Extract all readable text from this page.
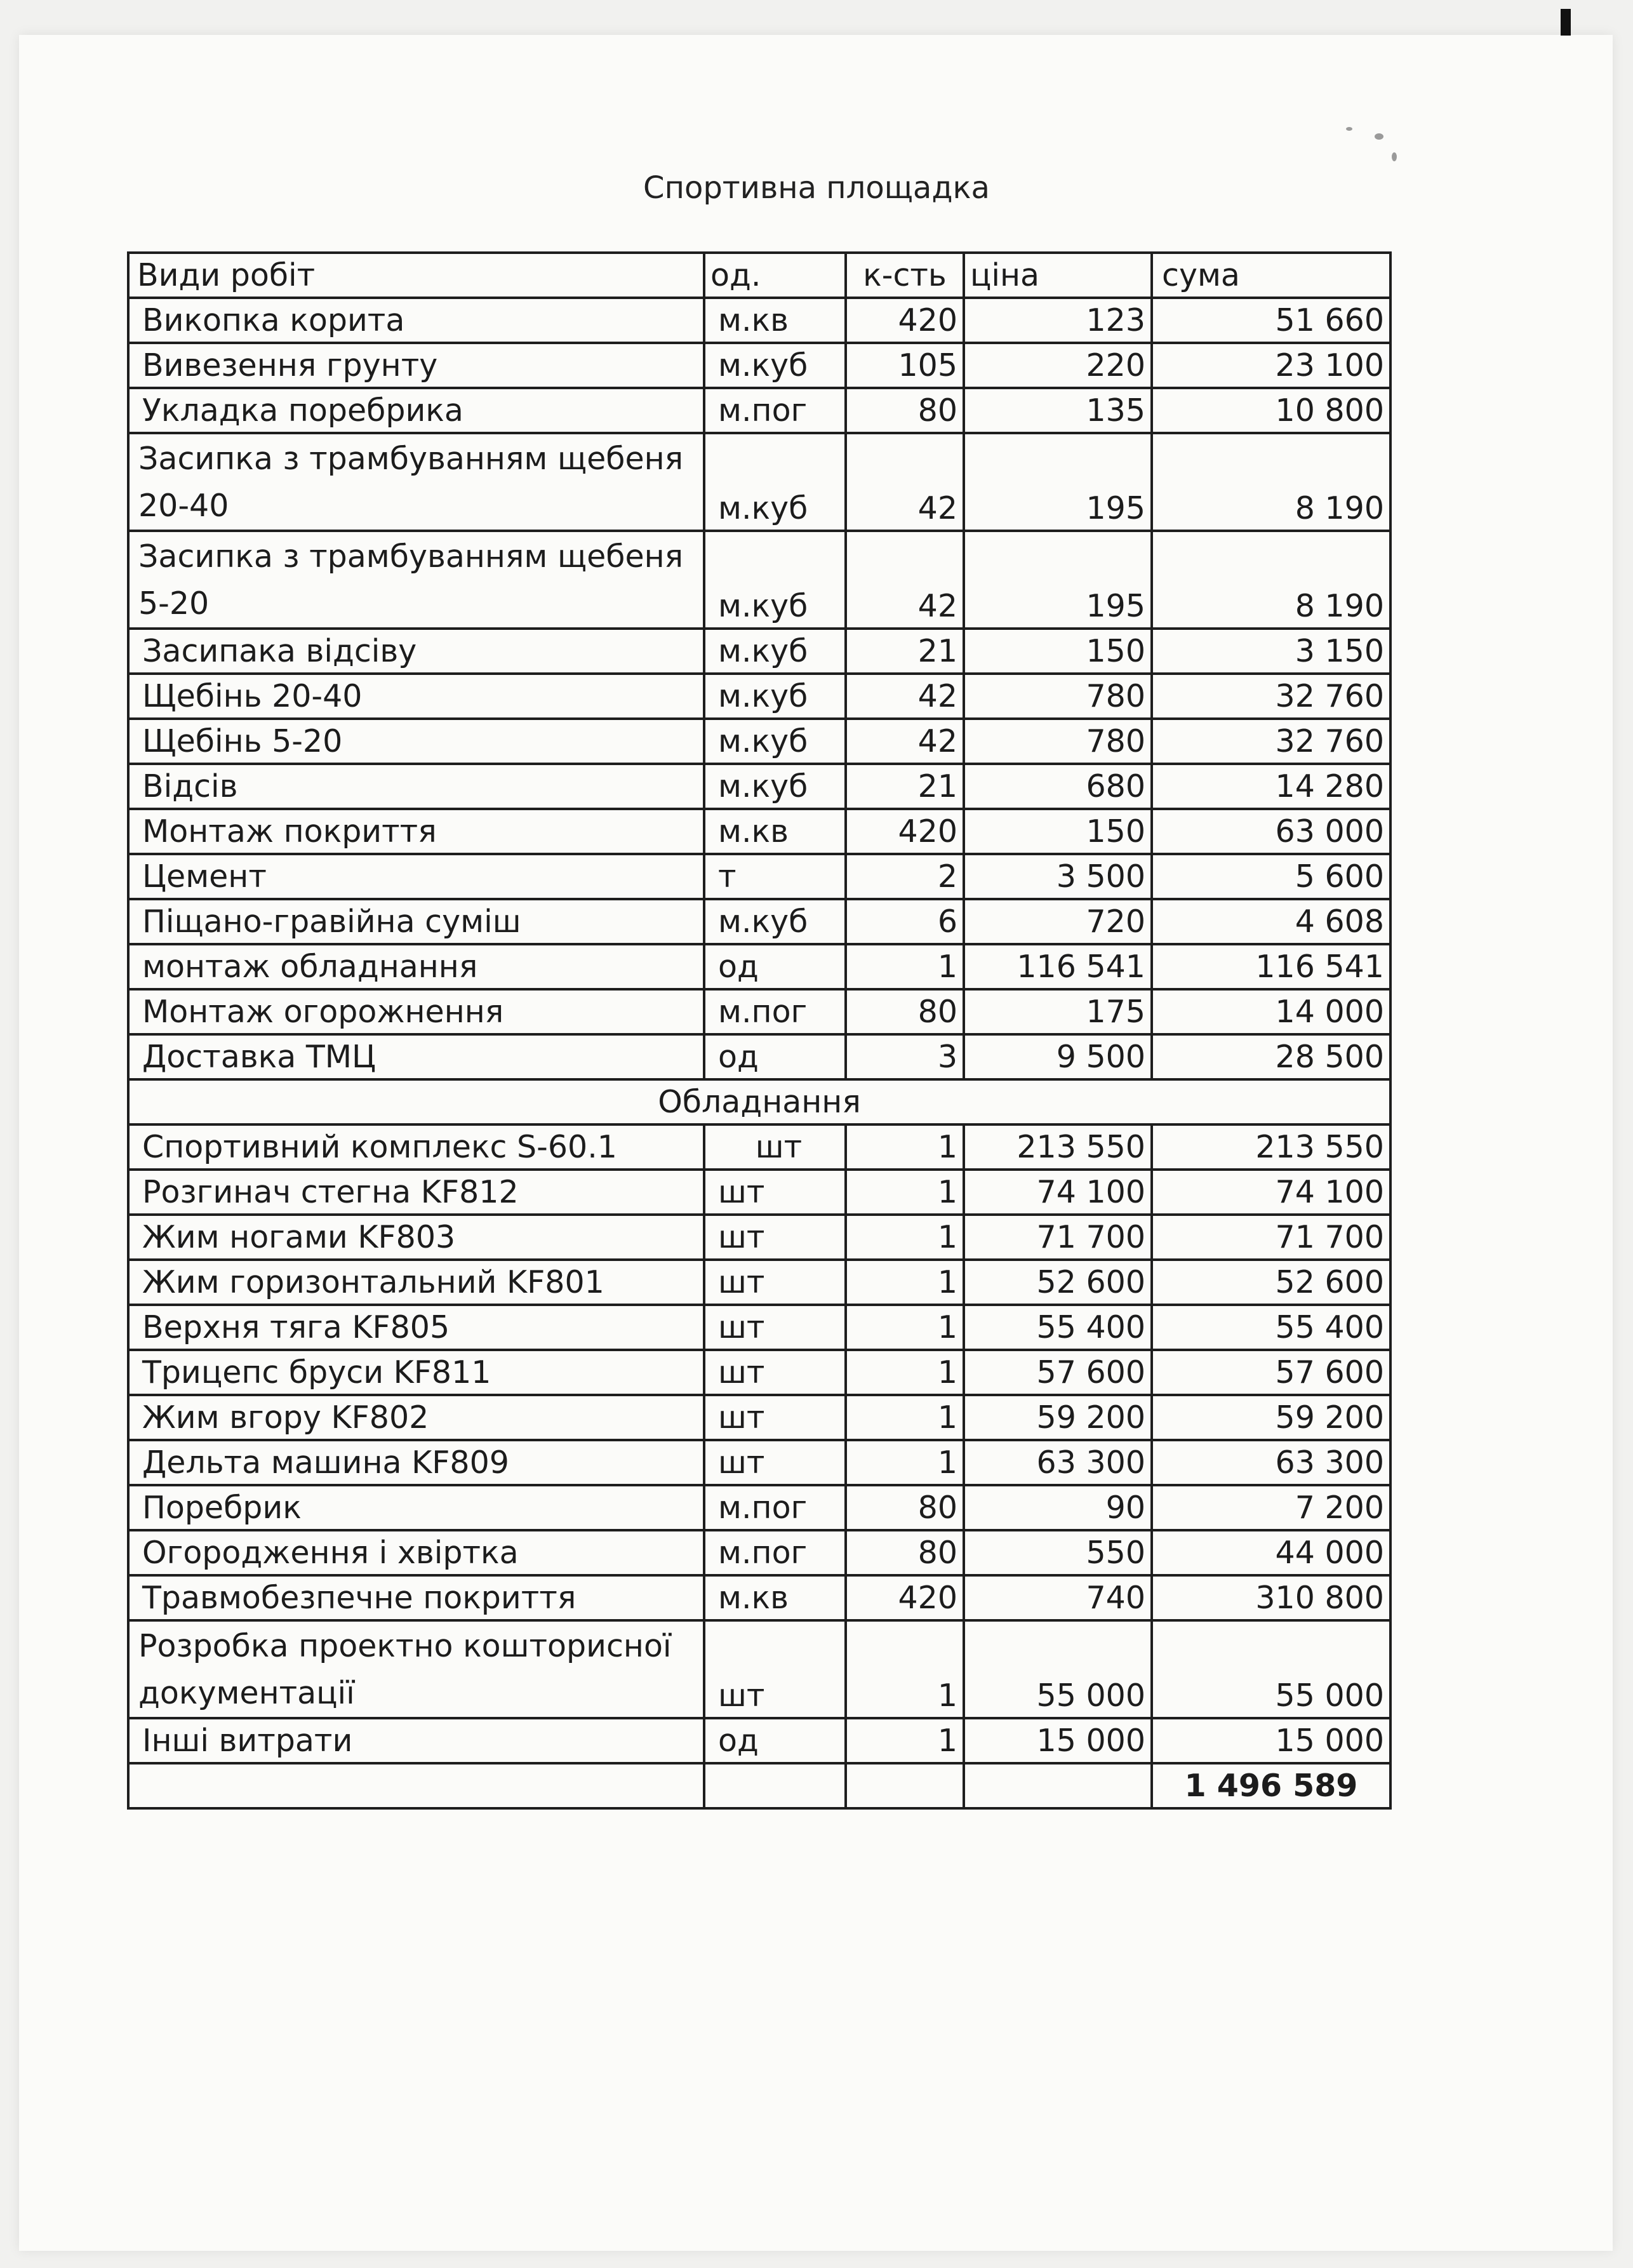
Спортивна площадка
Види робіт	од.	к-сть	ціна	сума
Викопка корита	м.кв	420	123	51 660
Вивезення грунту	м.куб	105	220	23 100
Укладка поребрика	м.пог	80	135	10 800
Засипка з трамбуванням щебеня 20-40	м.куб	42	195	8 190
Засипка з трамбуванням щебеня 5-20	м.куб	42	195	8 190
Засипака відсіву	м.куб	21	150	3 150
Щебінь 20-40	м.куб	42	780	32 760
Щебінь 5-20	м.куб	42	780	32 760
Відсів	м.куб	21	680	14 280
Монтаж покриття	м.кв	420	150	63 000
Цемент	т	2	3 500	5 600
Піщано-гравійна суміш	м.куб	6	720	4 608
монтаж обладнання	од	1	116 541	116 541
Монтаж огорожнення	м.пог	80	175	14 000
Доставка ТМЦ	од	3	9 500	28 500
Обладнання				
Спортивний комплекс S-60.1	шт	1	213 550	213 550
Розгинач стегна KF812	шт	1	74 100	74 100
Жим ногами KF803	шт	1	71 700	71 700
Жим горизонтальний KF801	шт	1	52 600	52 600
Верхня тяга KF805	шт	1	55 400	55 400
Трицепс бруси KF811	шт	1	57 600	57 600
Жим вгору KF802	шт	1	59 200	59 200
Дельта машина KF809	шт	1	63 300	63 300
Поребрик	м.пог	80	90	7 200
Огородження і хвіртка	м.пог	80	550	44 000
Травмобезпечне покриття	м.кв	420	740	310 800
Розробка проектно кошторисної документації	шт	1	55 000	55 000
Інші витрати	од	1	15 000	15 000
				1 496 589
